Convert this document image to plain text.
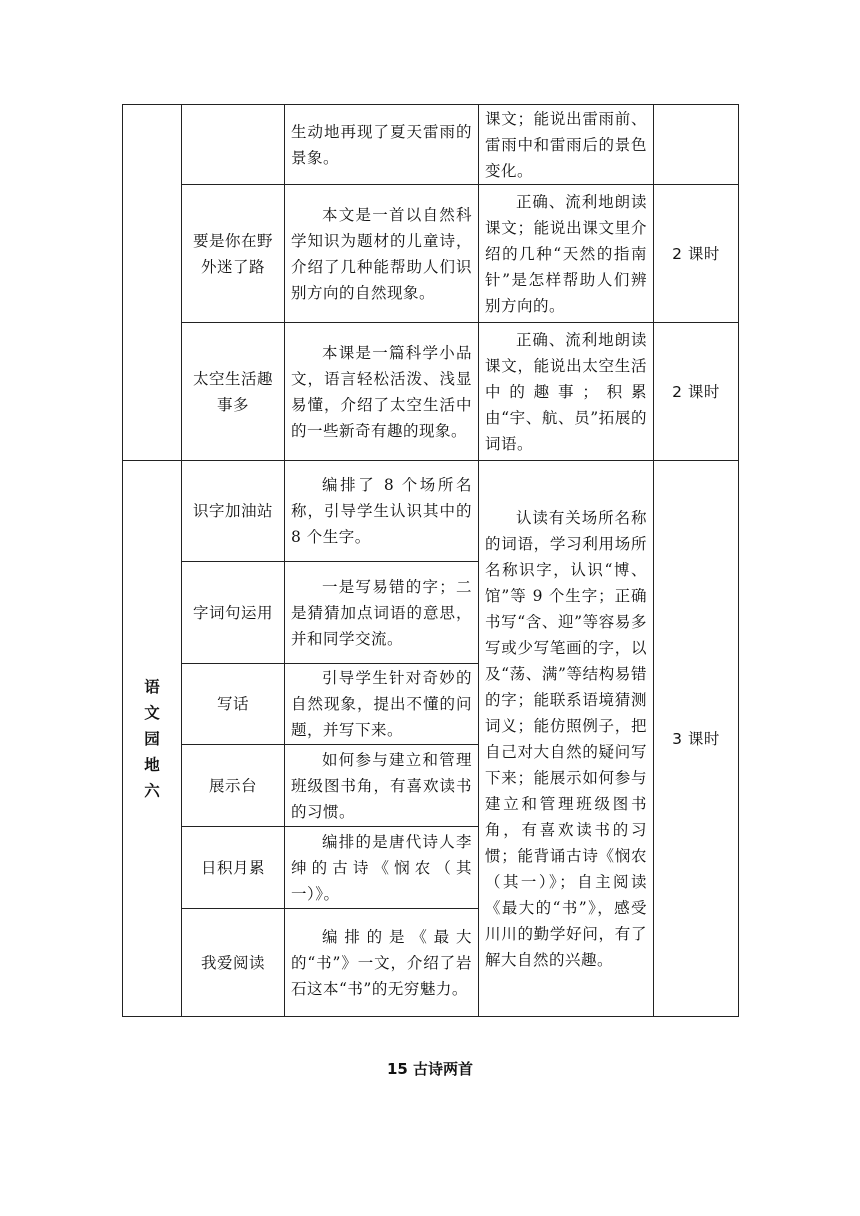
		生动地再现了夏天雷雨的景象。	课文；能说出雷雨前、雷雨中和雷雨后的景色变化。	
	要是你在野外迷了路	本文是一首以自然科学知识为题材的儿童诗，介绍了几种能帮助人们识别方向的自然现象。	正确、流利地朗读课文；能说出课文里介绍的几种“天然的指南针”是怎样帮助人们辨别方向的。	2 课时
	太空生活趣事多	本课是一篇科学小品文，语言轻松活泼、浅显易懂，介绍了太空生活中的一些新奇有趣的现象。	正确、流利地朗读课文，能说出太空生活中的趣事；积累由“宇、航、员”拓展的词语。	2 课时
语文园地六	识字加油站	编排了 8 个场所名称，引导学生认识其中的 8 个生字。	认读有关场所名称的词语，学习利用场所名称识字，认识“博、馆”等 9 个生字；正确书写“含、迎”等容易多写或少写笔画的字，以及“荡、满”等结构易错的字；能联系语境猜测词义；能仿照例子，把自己对大自然的疑问写下来；能展示如何参与建立和管理班级图书角，有喜欢读书的习惯；能背诵古诗《悯农（其一）》；自主阅读《最大的“书”》，感受川川的勤学好问，有了解大自然的兴趣。	3 课时
	字词句运用	一是写易错的字；二是猜猜加点词语的意思，并和同学交流。		

	写话	引导学生针对奇妙的自然现象，提出不懂的问题，并写下来。		

	展示台	如何参与建立和管理班级图书角，有喜欢读书的习惯。		

	日积月累	编排的是唐代诗人李绅的古诗《悯农（其一）》。		

	我爱阅读	编排的是《最大的“书”》一文，介绍了岩石这本“书”的无穷魅力。		
15 古诗两首
